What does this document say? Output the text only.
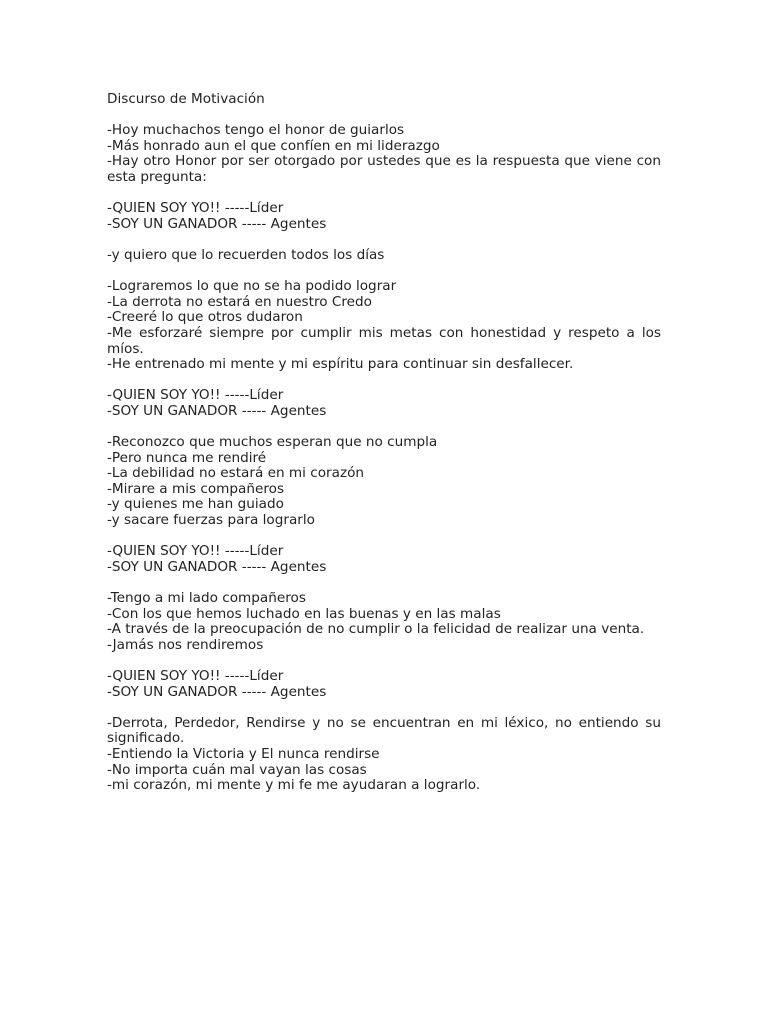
Discurso de Motivación
-Hoy muchachos tengo el honor de guiarlos
-Más honrado aun el que confíen en mi liderazgo
-Hay otro Honor por ser otorgado por ustedes que es la respuesta que viene con esta pregunta:
-QUIEN SOY YO!! -----Líder
-SOY UN GANADOR ----- Agentes
-y quiero que lo recuerden todos los días
-Lograremos lo que no se ha podido lograr
-La derrota no estará en nuestro Credo
-Creeré lo que otros dudaron
-Me esforzaré siempre por cumplir mis metas con honestidad y respeto a los míos.
-He entrenado mi mente y mi espíritu para continuar sin desfallecer.
-QUIEN SOY YO!! -----Líder
-SOY UN GANADOR ----- Agentes
-Reconozco que muchos esperan que no cumpla
-Pero nunca me rendiré
-La debilidad no estará en mi corazón
-Mirare a mis compañeros
-y quienes me han guiado
-y sacare fuerzas para lograrlo
-QUIEN SOY YO!! -----Líder
-SOY UN GANADOR ----- Agentes
-Tengo a mi lado compañeros
-Con los que hemos luchado en las buenas y en las malas
-A través de la preocupación de no cumplir o la felicidad de realizar una venta.
-Jamás nos rendiremos
-QUIEN SOY YO!! -----Líder
-SOY UN GANADOR ----- Agentes
-Derrota, Perdedor, Rendirse y no se encuentran en mi léxico, no entiendo su significado.
-Entiendo la Victoria y El nunca rendirse
-No importa cuán mal vayan las cosas
-mi corazón, mi mente y mi fe me ayudaran a lograrlo.
